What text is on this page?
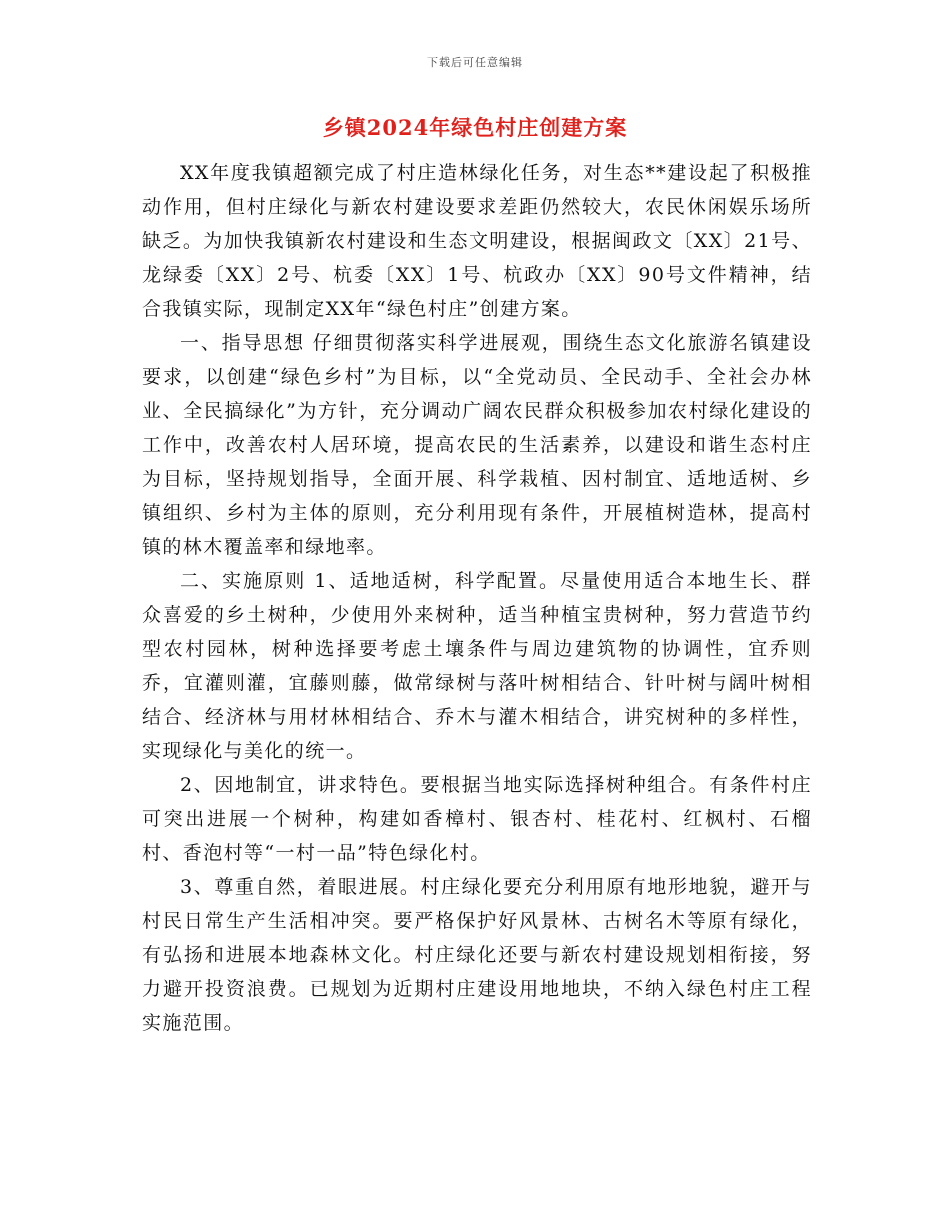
下载后可任意编辑
乡镇2024年绿色村庄创建方案

XX年度我镇超额完成了村庄造林绿化任务，对生态**建设起了积极推动作用，但村庄绿化与新农村建设要求差距仍然较大，农民休闲娱乐场所缺乏。为加快我镇新农村建设和生态文明建设，根据闽政文〔XX〕21号、龙绿委〔XX〕2号、杭委〔XX〕1号、杭政办〔XX〕90号文件精神，结合我镇实际，现制定XX年“绿色村庄”创建方案。

一、指导思想 仔细贯彻落实科学进展观，围绕生态文化旅游名镇建设要求，以创建“绿色乡村”为目标，以“全党动员、全民动手、全社会办林业、全民搞绿化”为方针，充分调动广阔农民群众积极参加农村绿化建设的工作中，改善农村人居环境，提高农民的生活素养，以建设和谐生态村庄为目标，坚持规划指导，全面开展、科学栽植、因村制宜、适地适树、乡镇组织、乡村为主体的原则，充分利用现有条件，开展植树造林，提高村镇的林木覆盖率和绿地率。

二、实施原则 1、适地适树，科学配置。尽量使用适合本地生长、群众喜爱的乡土树种，少使用外来树种，适当种植宝贵树种，努力营造节约型农村园林，树种选择要考虑土壤条件与周边建筑物的协调性，宜乔则乔，宜灌则灌，宜藤则藤，做常绿树与落叶树相结合、针叶树与阔叶树相结合、经济林与用材林相结合、乔木与灌木相结合，讲究树种的多样性，实现绿化与美化的统一。

2、因地制宜，讲求特色。要根据当地实际选择树种组合。有条件村庄可突出进展一个树种，构建如香樟村、银杏村、桂花村、红枫村、石榴村、香泡村等“一村一品”特色绿化村。

3、尊重自然，着眼进展。村庄绿化要充分利用原有地形地貌，避开与村民日常生产生活相冲突。要严格保护好风景林、古树名木等原有绿化，有弘扬和进展本地森林文化。村庄绿化还要与新农村建设规划相衔接，努力避开投资浪费。已规划为近期村庄建设用地地块，不纳入绿色村庄工程实施范围。
